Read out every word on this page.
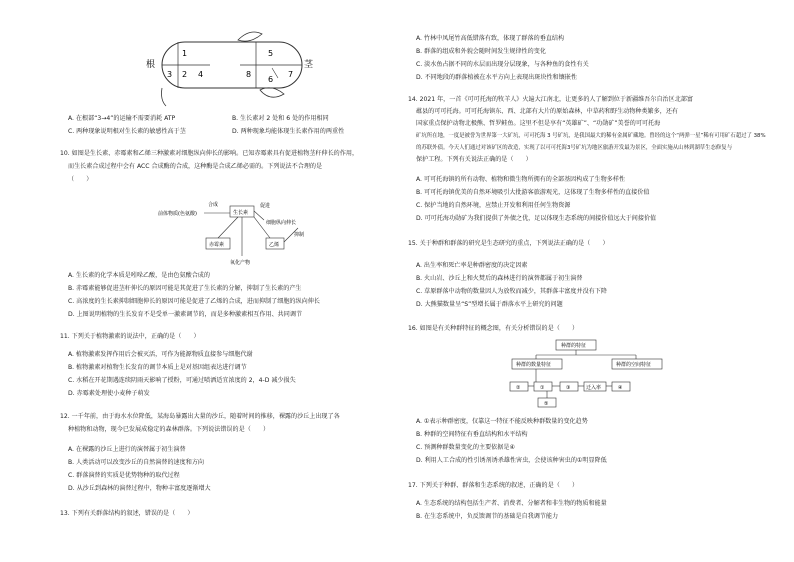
根	茎
1
2
3	4
5
6
7
8
A. 在根部“3→4”的运输不需要消耗 ATP	B. 生长素对 2 处和 6 处的作用相同
C. 两种现象说明根对生长素的敏感性高于茎	D. 两种现象均能体现生长素作用的两重性
10. 如图是生长素、赤霉素和乙烯三种激素对细胞纵向伸长的影响。已知赤霉素具有促进植物茎秆伸长的作用，
而生长素合成过程中会有 ACC 合成酶的合成，这种酶是合成乙烯必需的。下列说法不合理的是
（　　）
前体物质(色氨酸)
合成
生长素
促进
细胞纵向伸长
抑制
赤霉素	乙烯
氧化产物
A. 生长素的化学本质是吲哚乙酸，是由色氨酸合成的
B. 赤霉素能够促进茎秆伸长的原因可能是其促进了生长素的分解，抑制了生长素的产生
C. 高浓度的生长素抑制细胞伸长的原因可能是促进了乙烯的合成，进而抑制了细胞的纵向伸长
D. 上图说明植物的生长发育不是受单一激素调节的，而是多种激素相互作用、共同调节
11. 下列关于植物激素的说法中，正确的是（　　）
A. 植物激素发挥作用后会被灭活，可作为能源物质直接参与细胞代谢
B. 植物激素对植物生长发育的调节本质上是对基因组表达进行调节
C. 水稻在开花期遇连续阴雨天影响了授粉，可通过喷洒适宜浓度的 2，4-D 减少损失
D. 赤霉素处理使小麦种子萌发
12. 一千年前，由于海水水位降低，某海岛暴露出大量的沙丘，随着时间的推移，裸露的沙丘上出现了各
种植物和动物，现今已发展成稳定的森林群落。下列说法错误的是（　　）
A. 在裸露的沙丘上进行的演替属于初生演替
B. 人类活动可以改变沙丘的自然演替的速度和方向
C. 群落演替的实质是优势物种的取代过程
D. 从沙丘到森林的演替过程中，物种丰富度逐渐增大
13. 下列有关群落结构的叙述，错误的是（　　）
A. 竹林中凤尾竹高低错落有致，体现了群落的垂直结构
B. 群落的组成和外貌会随时间发生规律性的变化
C. 淡水鱼占据不同的水层而出现分层现象，与各种鱼的食性有关
D. 不同地段的群落植被在水平方向上表现出斑块性和镶嵌性
14. 2021 年，一首《可可托海的牧羊人》火遍大江南北，让更多的人了解到位于新疆维吾尔自治区北部富
蕴县的可可托海。可可托海镇东、西、北部有大片的原始森林，中草药和野生动物种类繁多，还有
国家重点保护动物北极熊、哲罗鲑鱼。这里不但是享有“英雄矿”、“功勋矿”美誉的可可托海
矿坑所在地，一度是被誉为世界第一大矿坑，可可托海 3 号矿坑，是我国最大的稀有金属矿藏地。曾经的这个“两弹一星”稀有可用矿石超过了 38%
的苏联外债。今天人们通过对该矿区的改造，实现了以可可托海3号矿坑为地区旅游开发最为景区，全面实施从山林到湖草生态修复与
保护工程。下列有关说法正确的是（　　）
A. 可可托海镇的所有动物、植物和微生物所拥有的全部基因构成了生物多样性
B. 可可托海镇优美的自然环境吸引大批游客旅游观光，这体现了生物多样性的直接价值
C. 保护当地的自然环境，应禁止开发和利用任何生物资源
D. 可可托海功勋矿为我们提供了外债之优，足以体现生态系统的间接价值远大于间接价值
15. 关于种群和群落的研究是生态研究的重点，下列说法正确的是（　　）
A. 出生率和死亡率是种群密度的决定因素
B. 火山岩、沙丘上和火焚后的森林进行的演替都属于初生演替
C. 草原群落中动物的数量因人为放牧而减少，其群落丰富度并没有下降
D. 大熊猫数量呈“S”型增长属于群落水平上研究的问题
16. 如图是有关种群特征的概念图，有关分析错误的是（　　）
种群的特征
种群的数量特征	种群的空间特征
②	①	③	迁入率	④
⑤
A. ①表示种群密度，仅靠这一特征不能反映种群数量的变化趋势
B. 种群的空间特征有垂直结构和水平结构
C. 预测种群数量变化的主要依据是④
D. 利用人工合成的性引诱剂诱杀雄性害虫，会使该种害虫的①明显降低
17. 下列关于种群、群落和生态系统的叙述，正确的是（　　）
A. 生态系统的结构包括生产者、消费者、分解者和非生物的物质和能量
B. 在生态系统中，负反馈调节的基础是自我调节能力
